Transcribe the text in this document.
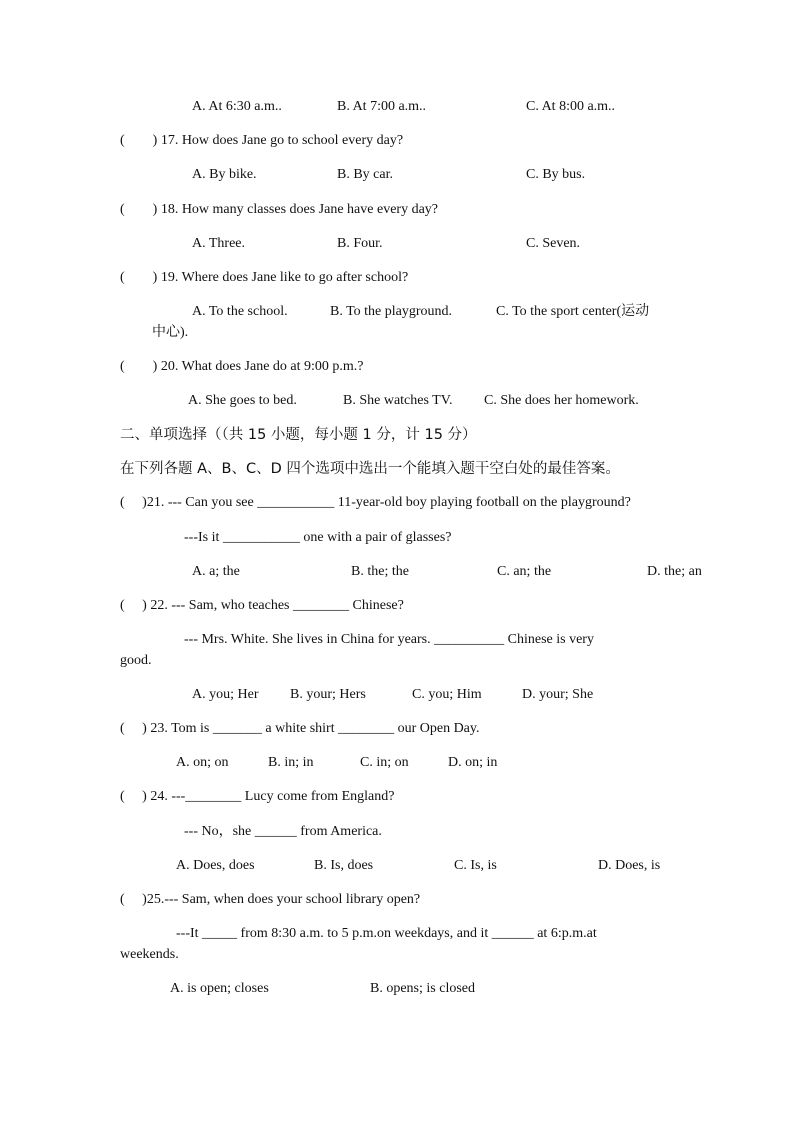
A. At 6:30 a.m..	B. At 7:00 a.m..	C. At 8:00 a.m..
(　　) 17. How does Jane go to school every day?
A. By bike.	B. By car.	C. By bus.
(　　) 18. How many classes does Jane have every day?
A. Three.	B. Four.	C. Seven.
(　　) 19. Where does Jane like to go after school?
A. To the school.	B. To the playground.	C. To the sport center(运动
中心).
(　　) 20. What does Jane do at 9:00 p.m.?
A. She goes to bed.	B. She watches TV. C. She does her homework.
二、单项选择（（共 15 小题，每小题 1 分，计 15 分）
在下列各题 A、B、C、D 四个选项中选出一个能填入题干空白处的最佳答案。
(　 )21. --- Can you see ___________ 11-year-old boy playing football on the playground?
---Is it ___________ one with a pair of glasses?
A. a; the	B. the; the	C. an; the	D. the; an
(　 ) 22. --- Sam, who teaches ________ Chinese?
--- Mrs. White. She lives in China for years. __________ Chinese is very
good.
A. you; Her B. your; Hers	C. you; Him	D. your; She
(　 ) 23. Tom is _______ a white shirt ________ our Open Day.
A. on; on	B. in; in	C. in; on	D. on; in
(　 ) 24. ---________ Lucy come from England?
--- No，she ______ from America.
A. Does, does	B. Is, does	C. Is, is	D. Does, is
(　 )25.--- Sam, when does your school library open?
---It _____ from 8:30 a.m. to 5 p.m.on weekdays, and it ______ at 6:p.m.at
weekends.
A. is open; closes	B. opens; is closed
